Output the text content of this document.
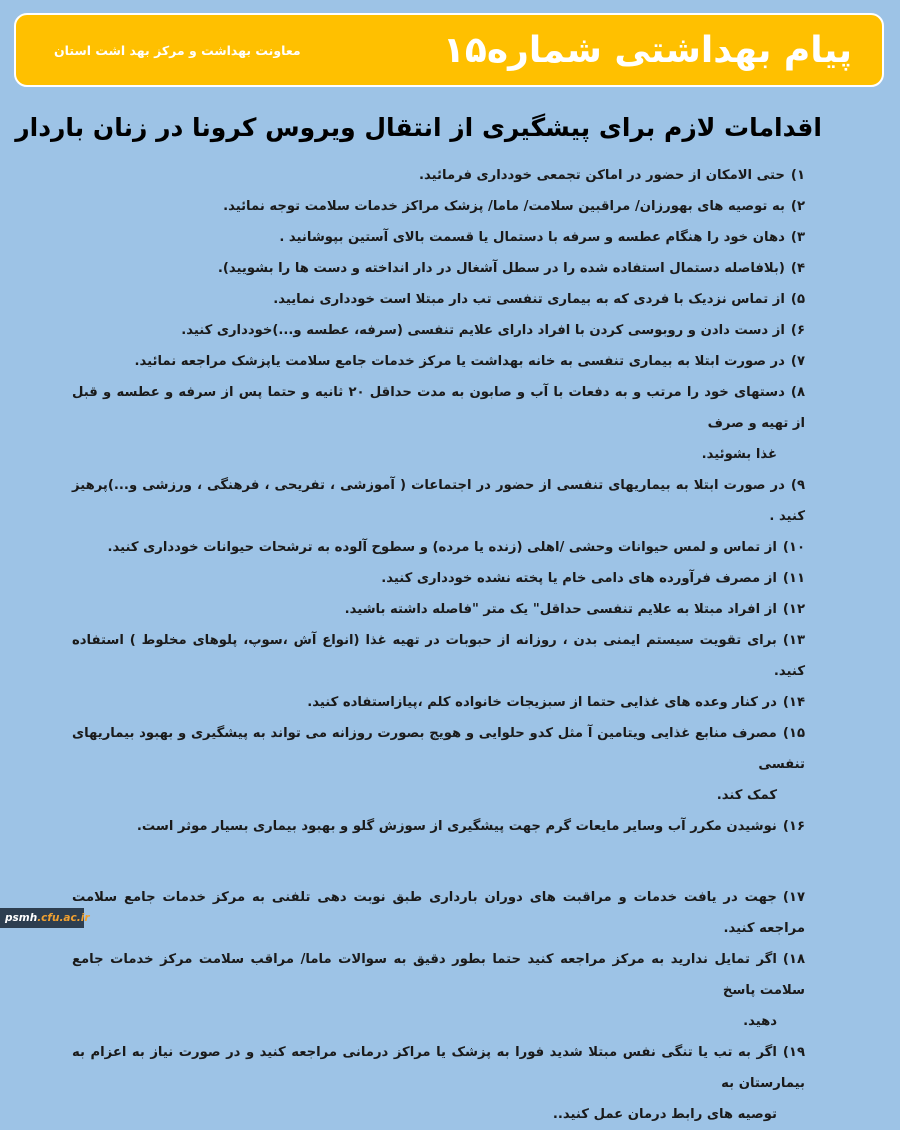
پیام بهداشتی شماره۱۵
معاونت بهداشت و مرکز بهد اشت استان
اقدامات لازم برای پیشگیری از انتقال ویروس کرونا در زنان باردار

۱)حتی الامکان از حضور در اماکن تجمعی خودداری فرمائید.

۲)به توصیه های بهورزان/ مراقبین سلامت/ ماما/ پزشک مراکز خدمات سلامت توجه نمائید.

۳)دهان خود را هنگام عطسه و سرفه با دستمال یا قسمت بالای آستین بپوشانید .

۴)(بلافاصله دستمال استفاده شده را در سطل آشغال در دار انداخته و دست ها را بشویید).

۵)از تماس نزدیک با فردی که به بیماری تنفسی تب دار مبتلا است خودداری نمایید.

۶)از دست دادن و روبوسی کردن با افراد دارای علایم تنفسی (سرفه، عطسه و...)خودداری کنید.

۷)در صورت ابتلا به بیماری تنفسی به خانه بهداشت یا مرکز خدمات جامع سلامت یاپزشک مراجعه نمائید.

۸)دستهای خود را مرتب و به دفعات با آب و صابون به مدت حداقل ۲۰ ثانیه و حتما پس از سرفه و عطسه و قبل از تهیه و صرف
غذا بشوئید.

۹)در صورت ابتلا به بیماریهای تنفسی از حضور در اجتماعات ( آموزشی ، تفریحی ، فرهنگی ، ورزشی و...)پرهیز کنید .

۱۰)از تماس و لمس حیوانات وحشی /اهلی (زنده یا مرده) و سطوح آلوده به ترشحات حیوانات خودداری کنید.

۱۱)از مصرف فرآورده های دامی خام یا پخته نشده خودداری کنید.

۱۲)از افراد مبتلا به علایم تنفسی حداقل" یک متر "فاصله داشته باشید.

۱۳)برای تقویت سیستم ایمنی بدن ، روزانه از حبوبات در تهیه غذا (انواع آش ،سوپ، پلوهای مخلوط ) استفاده کنید.

۱۴)در کنار وعده های غذایی حتما از سبزیجات خانواده کلم ،پیازاستفاده کنید.

۱۵)مصرف منابع غذایی ویتامین آ مثل کدو حلوایی و هویج بصورت روزانه می تواند به پیشگیری و بهبود بیماریهای تنفسی
کمک کند.

۱۶)نوشیدن مکرر آب وسایر مایعات گرم جهت پیشگیری از سوزش گلو و بهبود بیماری بسیار موثر است.

۱۷)جهت در یافت خدمات و مراقبت های دوران بارداری طبق نوبت دهی تلفنی به مرکز خدمات جامع سلامت مراجعه کنید.

۱۸)اگر تمایل ندارید به مرکز مراجعه کنید حتما بطور دقیق به سوالات ماما/ مراقب سلامت مرکز خدمات جامع سلامت پاسخ
دهید.

۱۹)اگر به تب یا تنگی نفس مبتلا شدید فورا به پزشک یا مراکز درمانی مراجعه کنید و در صورت نیاز به اعزام به بیمارستان به
توصیه های رابط درمان عمل کنید..

psmh.cfu.ac.ir
